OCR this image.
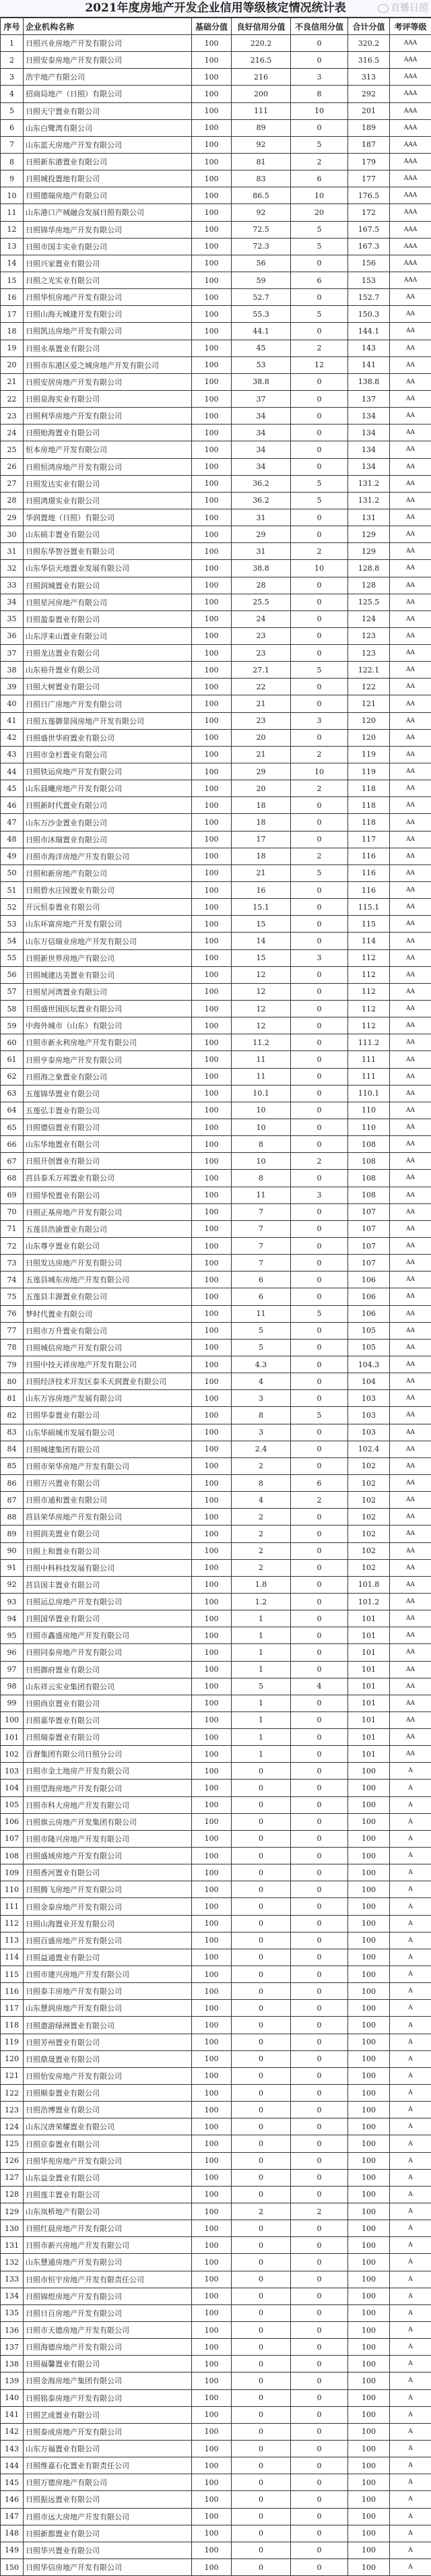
2021年度房地产开发企业信用等级核定情况统计表	直播日照
序号	企业机构名称	基础分值	良好信用分值	不良信用分值	合计分值	考评等级
1	日照兴业房地产开发有限公司	100	220.2	0	320.2	AAA
2	日照安泰房地产开发有限公司	100	216.5	0	316.5	AAA
3	浩宇地产有限公司	100	216	3	313	AAA
4	招商局地产（日照）有限公司	100	200	8	292	AAA
5	日照天宁置业有限公司	100	111	10	201	AAA
6	山东白鹭湾有限公司	100	89	0	189	AAA
7	山东蓝天房地产开发有限公司	100	92	5	187	AAA
8	日照新东港置业有限公司	100	81	2	179	AAA
9	日照城投置地有限公司	100	83	6	177	AAA
10	日照德瑞房地产有限公司	100	86.5	10	176.5	AAA
11	山东港口产城融合发展日照有限公司	100	92	20	172	AAA
12	日照锦华房地产开发有限公司	100	72.5	5	167.5	AAA
13	日照市国丰实业有限公司	100	72.3	5	167.3	AAA
14	日照兴家置业有限公司	100	56	0	156	AAA
15	日照之光实业有限公司	100	59	6	153	AAA
16	日照华恒房地产开发有限公司	100	52.7	0	152.7	AA
17	日照山海天城建开发有限公司	100	55.3	5	150.3	AA
18	日照凯达房地产开发有限公司	100	44.1	0	144.1	AA
19	日照永基置业有限公司	100	45	2	143	AA
20	日照市东港区爱之城房地产开发有限公司	100	53	12	141	AA
21	日照安居房地产开发有限公司	100	38.8	0	138.8	AA
22	日照泉海实业有限公司	100	37	0	137	AA
23	日照利华房地产开发有限公司	100	34	0	134	AA
24	日照贻海置业有限公司	100	34	0	134	AA
25	恒本房地产开发有限公司	100	34	0	134	AA
26	日照恒鸿房地产开发有限公司	100	34	0	134	AA
27	日照发达实业有限公司	100	36.2	5	131.2	AA
28	日照鸿璟实业有限公司	100	36.2	5	131.2	AA
29	华润置地（日照）有限公司	100	31	0	131	AA
30	山东硕丰置业有限公司	100	29	0	129	AA
31	日照东华智谷置业有限公司	100	31	2	129	AA
32	山东华信天地置业发展有限公司	100	38.8	10	128.8	AA
33	日照润城置业有限公司	100	28	0	128	AA
34	日照星河房地产有限公司	100	25.5	0	125.5	AA
35	日照盈泰置业有限公司	100	24	0	124	AA
36	山东浮来山置业有限公司	100	23	0	123	AA
37	日照龙达置业有限公司	100	23	0	123	AA
38	山东裕升置业有限公司	100	27.1	5	122.1	AA
39	日照大树置业有限公司	100	22	0	122	AA
40	日照日广房地产开发有限公司	100	21	0	121	AA
41	日照五莲御景园房地产开发有限公司	100	23	3	120	AA
42	日照盛世华府置业有限公司	100	20	0	120	AA
43	日照市金杉置业有限公司	100	21	2	119	AA
44	日照铁运房地产开发有限公司	100	29	10	119	AA
45	山东晨曦房地产开发有限公司	100	20	2	118	AA
46	日照新时代置业有限公司	100	18	0	118	AA
47	山东万沙金置业有限公司	100	18	0	118	AA
48	日照市沐瑞置业有限公司	100	17	0	117	AA
49	日照市海洋房地产开发有限公司	100	18	2	116	AA
50	日照和新房地产有限公司	100	21	5	116	AA
51	日照碧水庄园置业有限公司	100	16	0	116	AA
52	开沅恒泰置业有限公司	100	15.1	0	115.1	AA
53	山东环富房地产开发有限公司	100	15	0	115	AA
54	山东万信瑞业房地产开发有限公司	100	14	0	114	AA
55	日照新世界房地产有限公司	100	15	3	112	AA
56	日照城建达美置业有限公司	100	12	0	112	AA
57	日照星河湾置业有限公司	100	12	0	112	AA
58	日照盛世国医坛置业有限公司	100	12	0	112	AA
59	中海外城市（山东）有限公司	100	12	0	112	AA
60	日照市新永利房地产开发有限公司	100	11.2	0	111.2	AA
61	日照亨泰房地产开发有限公司	100	11	0	111	AA
62	日照海之象置业有限公司	100	11	0	111	AA
63	五莲锦华置业有限公司	100	10.1	0	110.1	AA
64	五莲弘丰置业有限公司	100	10	0	110	AA
65	日照德信置业有限公司	100	10	0	110	AA
66	山东华地置业有限公司	100	8	0	108	AA
67	日照开创置业有限公司	100	10	2	108	AA
68	莒县泰禾万邦置业有限公司	100	8	0	108	AA
69	日照华悦置业有限公司	100	11	3	108	AA
70	日照正基房地产开发有限公司	100	7	0	107	AA
71	五莲县浩渝置业有限公司	100	7	0	107	AA
72	山东尊亨置业有限公司	100	7	0	107	AA
73	日照发达房地产开发有限公司	100	7	0	107	AA
74	五莲县城东房地产开发有限公司	100	6	0	106	AA
75	五莲县丰源置业有限公司	100	6	0	106	AA
76	梦时代置业有限公司	100	11	5	106	AA
77	日照市万升置业有限公司	100	5	0	105	AA
78	日照城信房地产开发有限公司	100	5	0	105	AA
79	日照中技天祥房地产开发有限公司	100	4.3	0	104.3	AA
80	日照经济技术开发区泰禾天润置业有限公司	100	4	0	104	AA
81	山东万容房地产发展有限公司	100	3	0	103	AA
82	日照华泰置业有限公司	100	8	5	103	AA
83	山东华硕城市发展有限公司	100	3	0	103	AA
84	日照城建集团有限公司	100	2.4	0	102.4	AA
85	日照市荣华房地产开发有限公司	100	2	0	102	AA
86	日照万兴置业有限公司	100	8	6	102	AA
87	日照市通和置业有限公司	100	4	2	102	AA
88	莒县荣华房地产开发有限公司	100	2	0	102	AA
89	日照润美置业有限公司	100	2	0	102	AA
90	日照上和置业有限公司	100	2	0	102	AA
91	日照中科科技发展有限公司	100	2	0	102	AA
92	莒县国丰置业有限公司	100	1.8	0	101.8	AA
93	日照运总房地产开发有限公司	100	1.2	0	101.2	AA
94	日照国华置业有限公司	100	1	0	101	AA
95	日照市鑫盛房地产开发有限公司	100	1	0	101	AA
96	日照同泰房地产开发有限公司	100	1	0	101	AA
97	日照御府置业有限公司	100	1	0	101	AA
98	山东祥云实业集团有限公司	100	5	4	101	AA
99	日照尚京置业有限公司	100	1	0	101	AA
100	日照嘉华置业有限公司	100	1	0	101	AA
101	日照瑞泰置业有限公司	100	1	0	101	AA
102	百督集团有限公司日照分公司	100	1	0	101	AA
103	日照市金土地房产开发有限公司	100	0	0	100	A
104	日照望海房地产开发有限公司	100	0	0	100	A
105	日照市科大房地产开发有限公司	100	0	0	100	A
106	日照旗云房地产开发集团有限公司	100	0	0	100	A
107	日照市隆兴房地产开发有限公司	100	0	0	100	A
108	日照盛域房地产开发有限公司	100	0	0	100	A
109	日照香河置业有限公司	100	0	0	100	A
110	日照腾飞房地产开发有限公司	100	0	0	100	A
111	日照金泰房地产开发有限公司	100	0	0	100	A
112	日照山海置业开发有限公司	100	0	0	100	A
113	日照百盛房地产开发有限公司	100	0	0	100	A
114	日照益通置业有限公司	100	0	0	100	A
115	日照市建兴房地产开发有限公司	100	0	0	100	A
116	日照泰丰房地产开发有限公司	100	0	0	100	A
117	山东慧润房地产开发有限公司	100	0	0	100	A
118	日照遨游绿洲置业有限公司	100	0	0	100	A
119	日照芳州置业有限公司	100	0	0	100	A
120	日照鼎晟置业有限公司	100	0	0	100	A
121	日照怡安房地产开发有限公司	100	0	0	100	A
122	日照顺泰置业有限公司	100	0	0	100	A
123	日照浩博置业有限公司	100	0	0	100	A
124	山东汉唐荣耀置业有限公司	100	0	0	100	A
125	日照京泰置业有限公司	100	0	0	100	A
126	日照华苑房地产开发有限公司	100	0	0	100	A
127	山东益金置业有限公司	100	0	0	100	A
128	日照莲丰置业有限公司	100	0	0	100	A
129	山东岚桥地产有限公司	100	2	2	100	A
130	日照红晨房地产开发有限公司	100	0	0	100	A
131	日照市新兴房地产开发有限公司	100	0	0	100	A
132	山东慧通房地产开发有限公司	100	0	0	100	A
133	日照市恒宇房地产开发有限责任公司	100	0	0	100	A
134	日照锦煜房地产开发有限公司	100	0	0	100	A
135	日照日百房地产开发有限公司	100	0	0	100	A
136	日照市天德房地产开发有限公司	100	0	0	100	A
137	日照海德房地产开发有限公司	100	0	0	100	A
138	日照福馨置业有限公司	100	0	0	100	A
139	日照金海房地产集团有限公司	100	0	0	100	A
140	日照铭泰房地产开发有限公司	100	0	0	100	A
141	日照艺成置业有限公司	100	0	0	100	A
142	日照泰成房地产开发有限公司	100	0	0	100	A
143	山东万福置业有限公司	100	0	0	100	A
144	日照维嘉石化置业有限责任公司	100	0	0	100	A
145	日照万德房地产有限公司	100	0	0	100	A
146	日照振远置业有限公司	100	0	0	100	A
147	日照市远大房地产开发有限公司	100	0	0	100	A
148	日照新都置业有限公司	100	0	0	100	A
149	日照华兴置业有限公司	100	0	0	100	A
150	日照华信房地产开发有限公司	100	0	0	100	A
